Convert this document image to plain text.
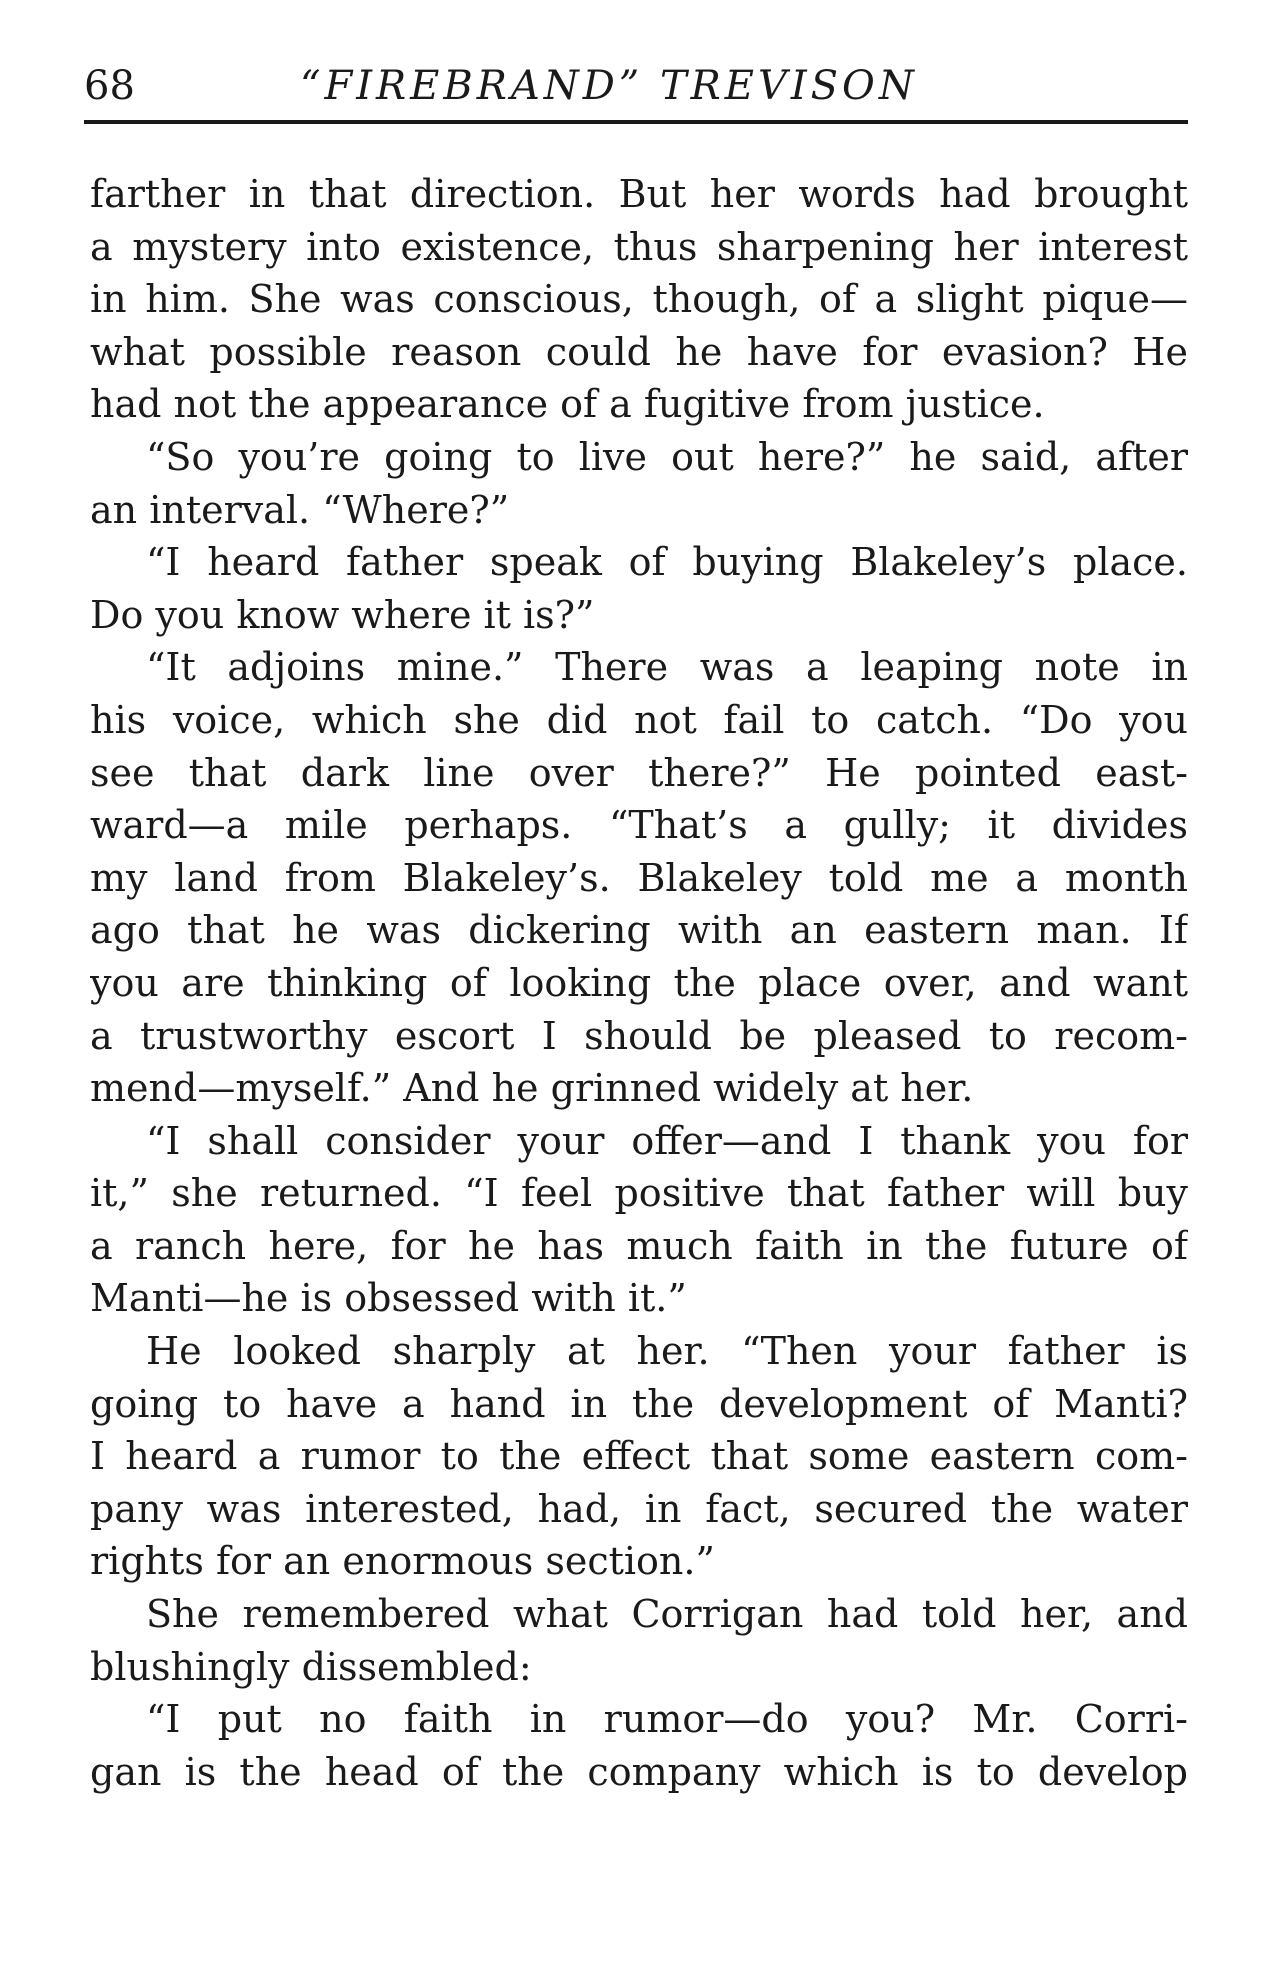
68	“FIREBRAND” TREVISON
farther in that direction. But her words had brought
a mystery into existence, thus sharpening her interest
in him. She was conscious, though, of a slight pique—
what possible reason could he have for evasion? He
had not the appearance of a fugitive from justice.
“So you’re going to live out here?” he said, after
an interval. “Where?”
“I heard father speak of buying Blakeley’s place.
Do you know where it is?”
“It adjoins mine.” There was a leaping note in
his voice, which she did not fail to catch. “Do you
see that dark line over there?” He pointed east-
ward—a mile perhaps. “That’s a gully; it divides
my land from Blakeley’s. Blakeley told me a month
ago that he was dickering with an eastern man. If
you are thinking of looking the place over, and want
a trustworthy escort I should be pleased to recom-
mend—myself.” And he grinned widely at her.
“I shall consider your offer—and I thank you for
it,” she returned. “I feel positive that father will buy
a ranch here, for he has much faith in the future of
Manti—he is obsessed with it.”
He looked sharply at her. “Then your father is
going to have a hand in the development of Manti?
I heard a rumor to the effect that some eastern com-
pany was interested, had, in fact, secured the water
rights for an enormous section.”
She remembered what Corrigan had told her, and
blushingly dissembled:
“I put no faith in rumor—do you? Mr. Corri-
gan is the head of the company which is to develop
